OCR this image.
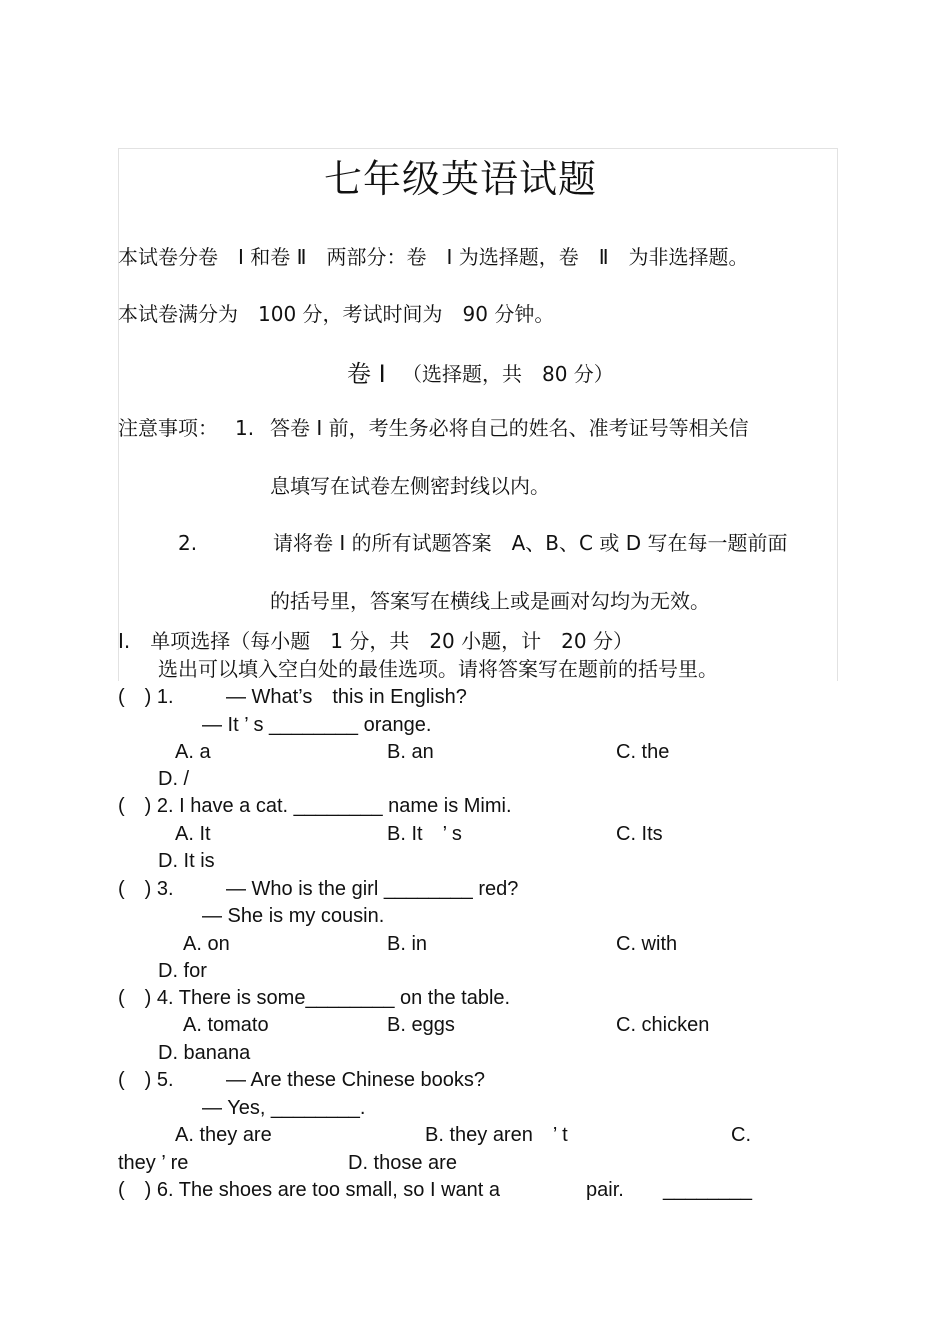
七年级英语试题
本试卷分卷　Ⅰ 和卷 Ⅱ　两部分：卷　Ⅰ 为选择题，卷　Ⅱ　为非选择题。
本试卷满分为　100 分，考试时间为　90 分钟。
卷 Ⅰ （选择题，共　80 分）
注意事项： 1. 答卷 Ⅰ 前，考生务必将自己的姓名、准考证号等相关信
息填写在试卷左侧密封线以内。
2.	请将卷 Ⅰ 的所有试题答案　A、B、C 或 D 写在每一题前面
的括号里，答案写在横线上或是画对勾均为无效。
I.　单项选择（每小题　1 分，共　20 小题，计　20 分）
选出可以填入空白处的最佳选项。请将答案写在题前的括号里。
(　) 1.	— What’s　this in English?
— It ’ s ________ orange.
A. a	B. an	C. the
D. /
(　) 2. I have a cat. ________ name is Mimi.
A. It	B. It　’ s	C. Its
D. It is
(　) 3.	— Who is the girl ________ red?
— She is my cousin.
A. on	B. in	C. with
D. for
(　) 4. There is some________ on the table.
A. tomato	B. eggs	C. chicken
D. banana
(　) 5.	— Are these Chinese books?
— Yes, ________.
A. they are	B. they aren　’ t	C.
they ’ re	D. those are
(　) 6. The shoes are too small, so I want a	pair. ________
